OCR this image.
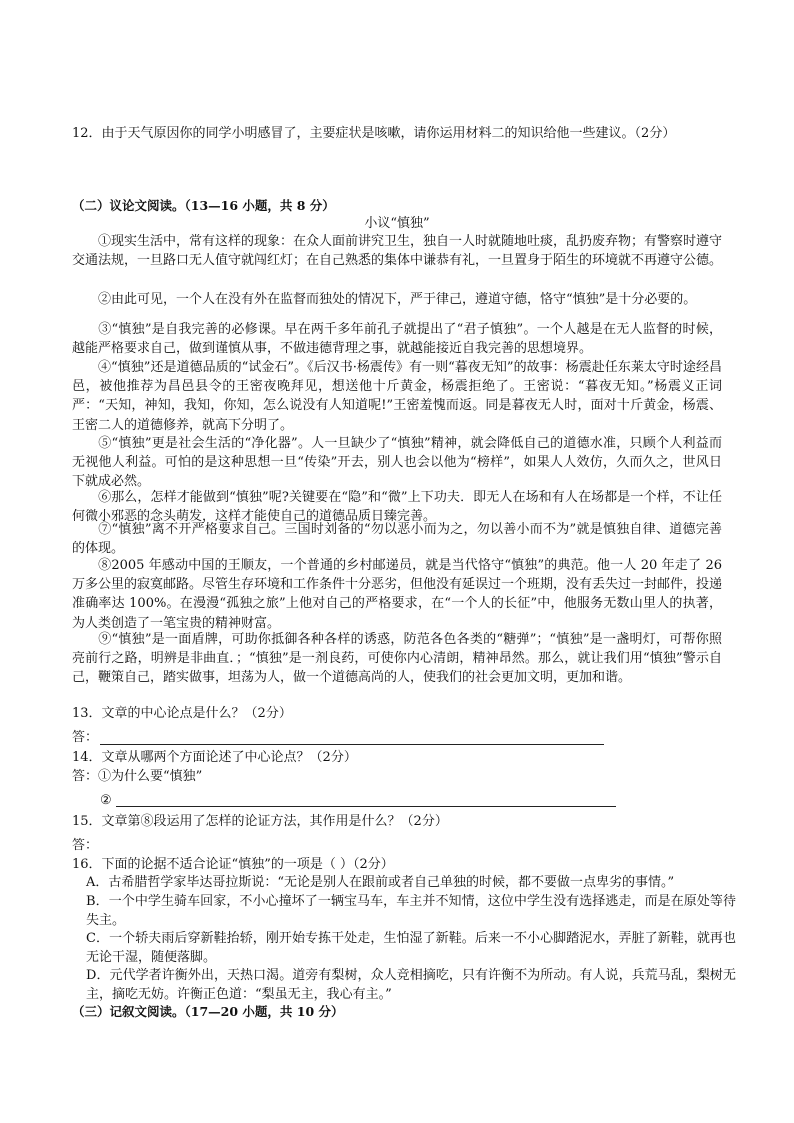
12．由于天气原因你的同学小明感冒了，主要症状是咳嗽，请你运用材料二的知识给他一些建议。（2分）
（二）议论文阅读。（13—16 小题，共 8 分）
小议“慎独”
①现实生活中，常有这样的现象：在众人面前讲究卫生，独自一人时就随地吐痰，乱扔废弃物；有警察时遵守交通法规，一旦路口无人值守就闯红灯；在自己熟悉的集体中谦恭有礼，一旦置身于陌生的环境就不再遵守公德。
②由此可见，一个人在没有外在监督而独处的情况下，严于律己，遵道守德，恪守“慎独”是十分必要的。
③“慎独”是自我完善的必修课。早在两千多年前孔子就提出了“君子慎独”。一个人越是在无人监督的时候，越能严格要求自己，做到谨慎从事，不做违德背理之事，就越能接近自我完善的思想境界。
④“慎独”还是道德品质的“试金石”。《后汉书·杨震传》有一则“暮夜无知”的故事：杨震赴任东莱太守时途经昌邑，被他推荐为昌邑县令的王密夜晚拜见，想送他十斤黄金，杨震拒绝了。王密说：“暮夜无知。”杨震义正词严：“天知，神知，我知，你知，怎么说没有人知道呢!”王密羞愧而返。同是暮夜无人时，面对十斤黄金，杨震、王密二人的道德修养，就高下分明了。
⑤“慎独”更是社会生活的“净化器”。人一旦缺少了“慎独”精神，就会降低自己的道德水准，只顾个人利益而无视他人利益。可怕的是这种思想一旦“传染”开去，别人也会以他为“榜样”，如果人人效仿，久而久之，世风日下就成必然。
⑥那么，怎样才能做到“慎独”呢?关键要在“隐”和“微”上下功夫．即无人在场和有人在场都是一个样，不让任何微小邪恶的念头萌发，这样才能使自己的道德品质日臻完善。
⑦“慎独”离不开严格要求自己。三国时刘备的“勿以恶小而为之，勿以善小而不为”就是慎独自律、道德完善的体现。
⑧2005 年感动中国的王顺友，一个普通的乡村邮递员，就是当代恪守“慎独”的典范。他一人 20 年走了 26 万多公里的寂寞邮路。尽管生存环境和工作条件十分恶劣，但他没有延误过一个班期，没有丢失过一封邮件，投递准确率达 100%。在漫漫“孤独之旅”上他对自己的严格要求，在“一个人的长征”中，他服务无数山里人的执著，为人类创造了一笔宝贵的精神财富。
⑨“慎独”是一面盾牌，可助你抵御各种各样的诱惑，防范各色各类的“糖弹”；“慎独”是一盏明灯，可帮你照亮前行之路，明辨是非曲直．；“慎独”是一剂良药，可使你内心清朗，精神昂然。那么，就让我们用“慎独”警示自己，鞭策自己，踏实做事，坦荡为人，做一个道德高尚的人，使我们的社会更加文明，更加和谐。
13．文章的中心论点是什么？（2分）
答：
14．文章从哪两个方面论述了中心论点？（2分）
答：①为什么要“慎独”
②
15．文章第⑧段运用了怎样的论证方法，其作用是什么？（2分）
答：
16．下面的论据不适合论证“慎独”的一项是（ ）（2分）
A．古希腊哲学家毕达哥拉斯说：“无论是别人在跟前或者自己单独的时候，都不要做一点卑劣的事情。”
B．一个中学生骑车回家，不小心撞坏了一辆宝马车，车主并不知情，这位中学生没有选择逃走，而是在原处等待失主。
C．一个轿夫雨后穿新鞋抬轿，刚开始专拣干处走，生怕湿了新鞋。后来一不小心脚踏泥水，弄脏了新鞋，就再也无论干湿，随便落脚。
D．元代学者许衡外出，天热口渴。道旁有梨树，众人竞相摘吃，只有许衡不为所动。有人说，兵荒马乱，梨树无主，摘吃无妨。许衡正色道：“梨虽无主，我心有主。”
（三）记叙文阅读。（17—20 小题，共 10 分）
